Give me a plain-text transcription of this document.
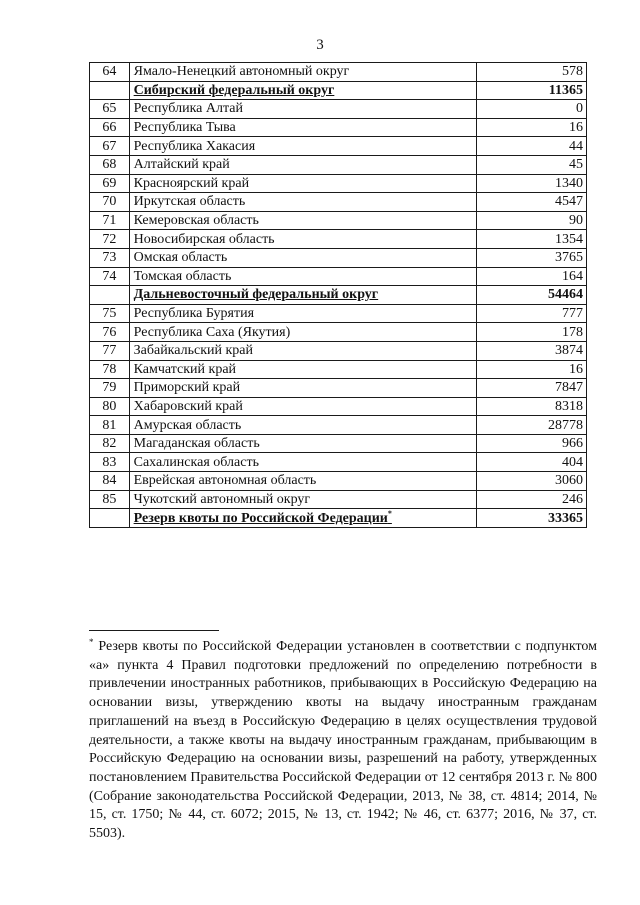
3
64	Ямало-Ненецкий автономный округ	578
	Сибирский федеральный округ	11365
65	Республика Алтай	0
66	Республика Тыва	16
67	Республика Хакасия	44
68	Алтайский край	45
69	Красноярский край	1340
70	Иркутская область	4547
71	Кемеровская область	90
72	Новосибирская область	1354
73	Омская область	3765
74	Томская область	164
	Дальневосточный федеральный округ	54464
75	Республика Бурятия	777
76	Республика Саха (Якутия)	178
77	Забайкальский край	3874
78	Камчатский край	16
79	Приморский край	7847
80	Хабаровский край	8318
81	Амурская область	28778
82	Магаданская область	966
83	Сахалинская область	404
84	Еврейская автономная область	3060
85	Чукотский автономный округ	246
	Резерв квоты по Российской Федерации*	33365
* Резерв квоты по Российской Федерации установлен в соответствии с подпунктом «а» пункта 4 Правил подготовки предложений по определению потребности в привлечении иностранных работников, прибывающих в Российскую Федерацию на основании визы, утверждению квоты на выдачу иностранным гражданам приглашений на въезд в Российскую Федерацию в целях осуществления трудовой деятельности, а также квоты на выдачу иностранным гражданам, прибывающим в Российскую Федерацию на основании визы, разрешений на работу, утвержденных постановлением Правительства Российской Федерации от 12 сентября 2013 г. № 800 (Собрание законодательства Российской Федерации, 2013, № 38, ст. 4814; 2014, № 15, ст. 1750; № 44, ст. 6072; 2015, № 13, ст. 1942; № 46, ст. 6377; 2016, № 37, ст. 5503).
